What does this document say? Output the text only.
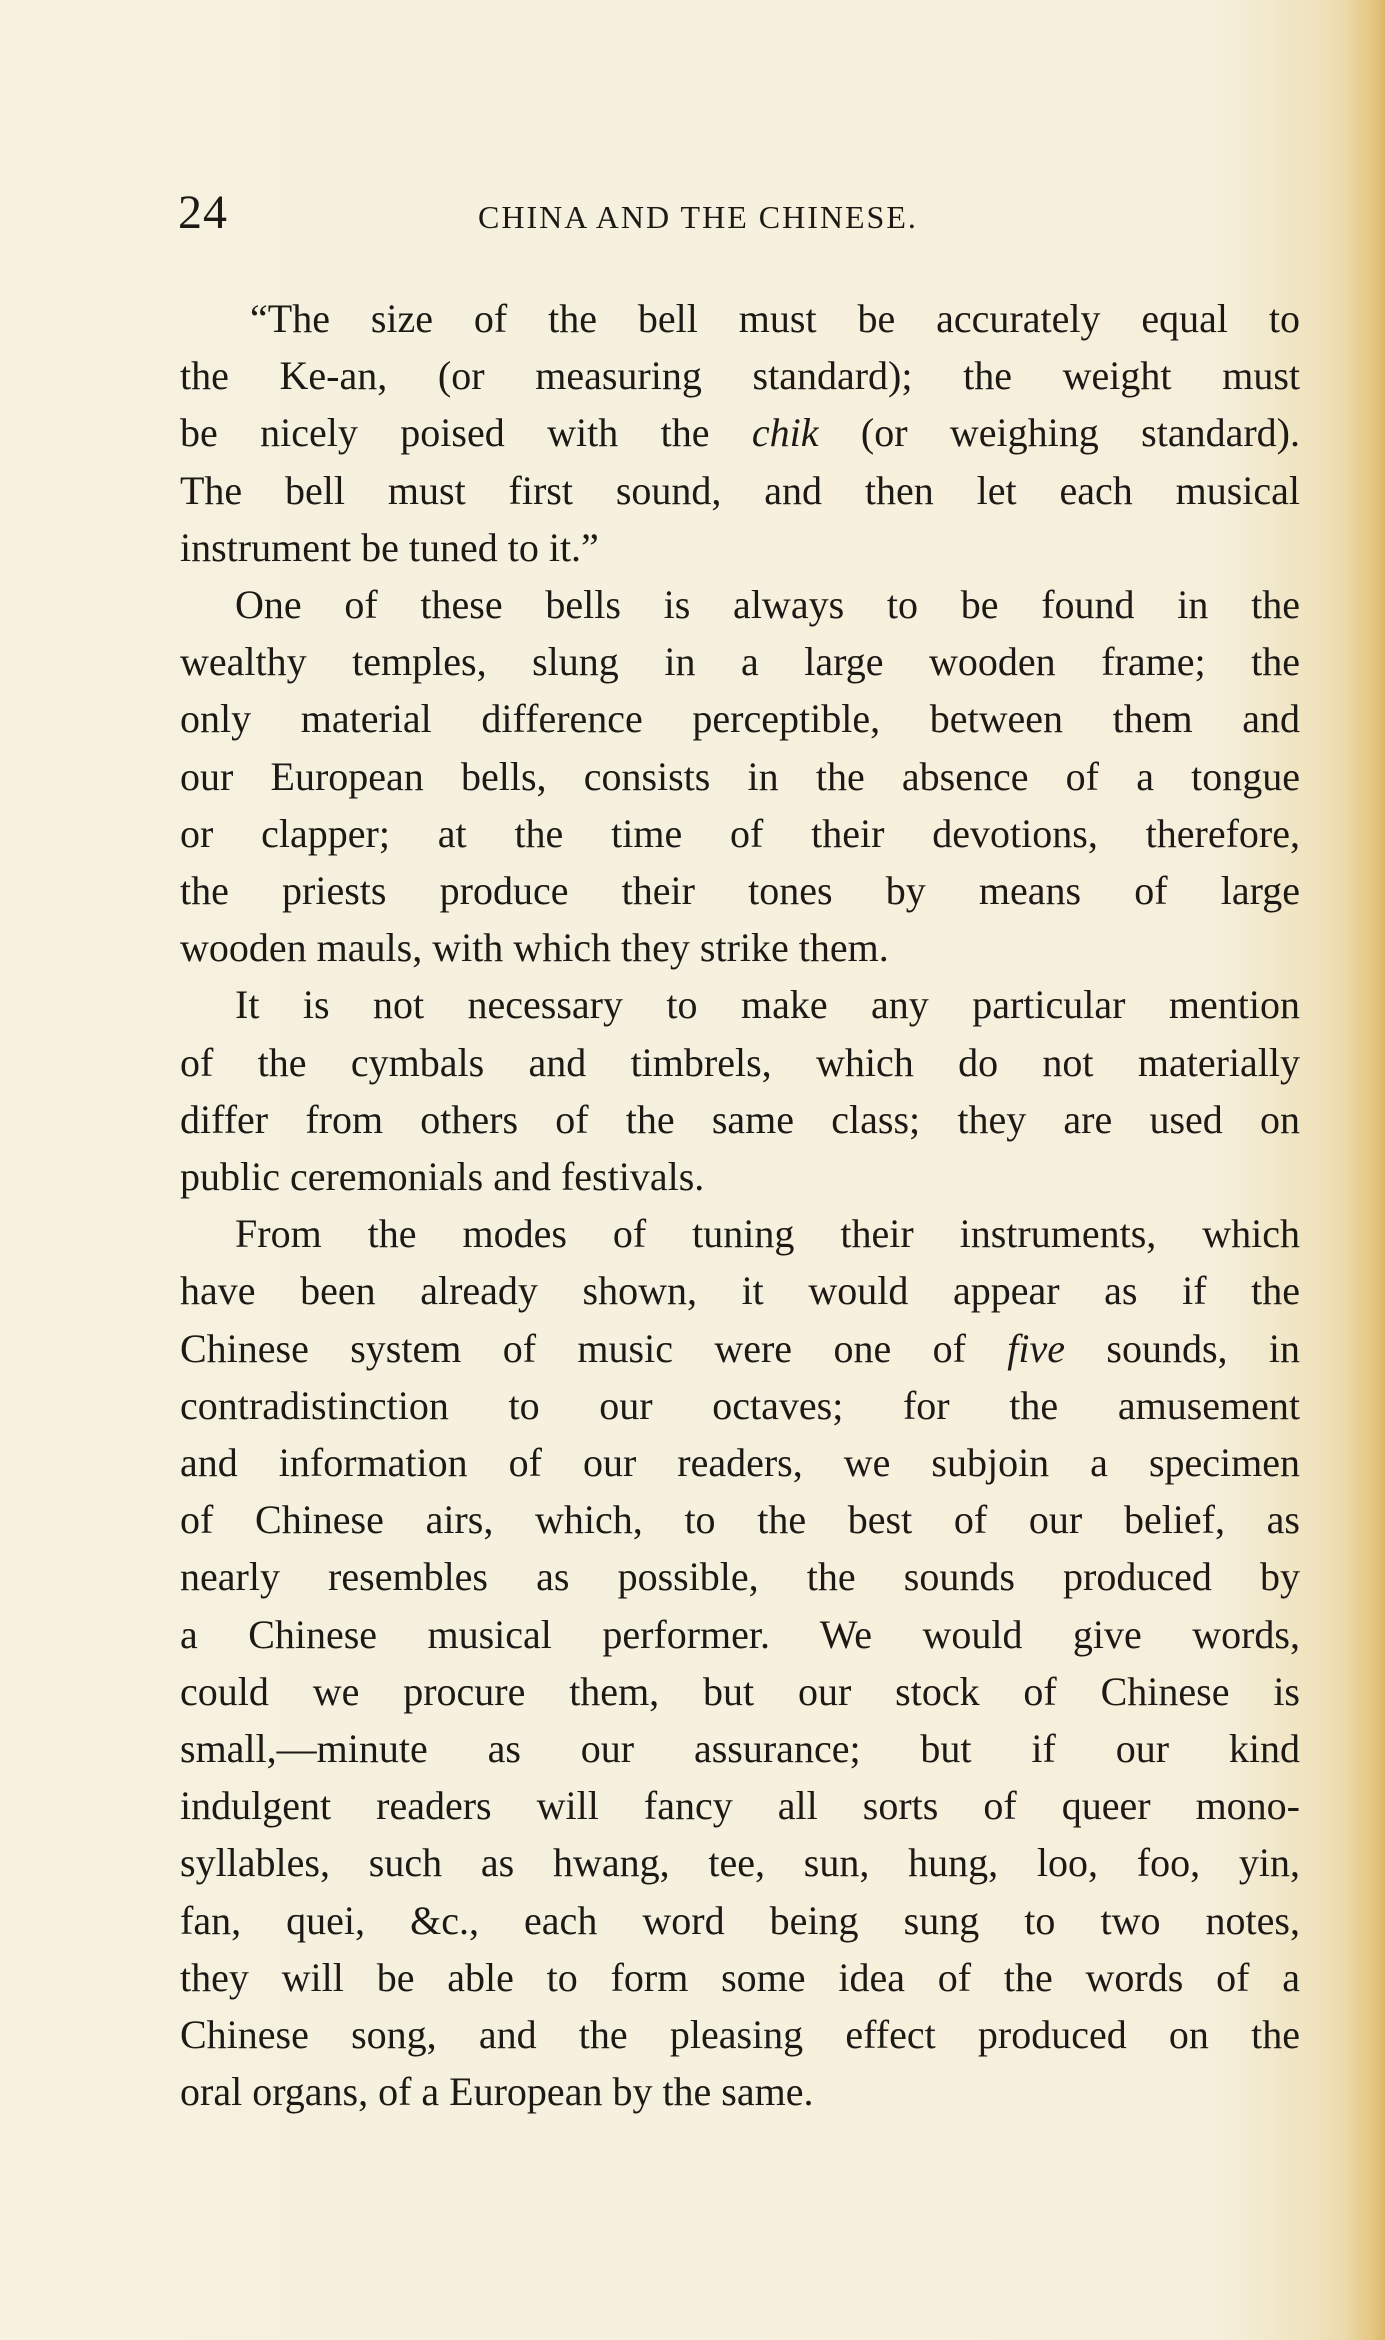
24	CHINA AND THE CHINESE.
“The size of the bell must be accurately equal to
the Ke-an, (or measuring standard); the weight must
be nicely poised with the chik (or weighing standard).
The bell must first sound, and then let each musical
instrument be tuned to it.”
One of these bells is always to be found in the
wealthy temples, slung in a large wooden frame; the
only material difference perceptible, between them and
our European bells, consists in the absence of a tongue
or clapper; at the time of their devotions, therefore,
the priests produce their tones by means of large
wooden mauls, with which they strike them.
It is not necessary to make any particular mention
of the cymbals and timbrels, which do not materially
differ from others of the same class; they are used on
public ceremonials and festivals.
From the modes of tuning their instruments, which
have been already shown, it would appear as if the
Chinese system of music were one of five sounds, in
contradistinction to our octaves; for the amusement
and information of our readers, we subjoin a specimen
of Chinese airs, which, to the best of our belief, as
nearly resembles as possible, the sounds produced by
a Chinese musical performer. We would give words,
could we procure them, but our stock of Chinese is
small,—minute as our assurance; but if our kind
indulgent readers will fancy all sorts of queer mono-
syllables, such as hwang, tee, sun, hung, loo, foo, yin,
fan, quei, &c., each word being sung to two notes,
they will be able to form some idea of the words of a
Chinese song, and the pleasing effect produced on the
oral organs, of a European by the same.
